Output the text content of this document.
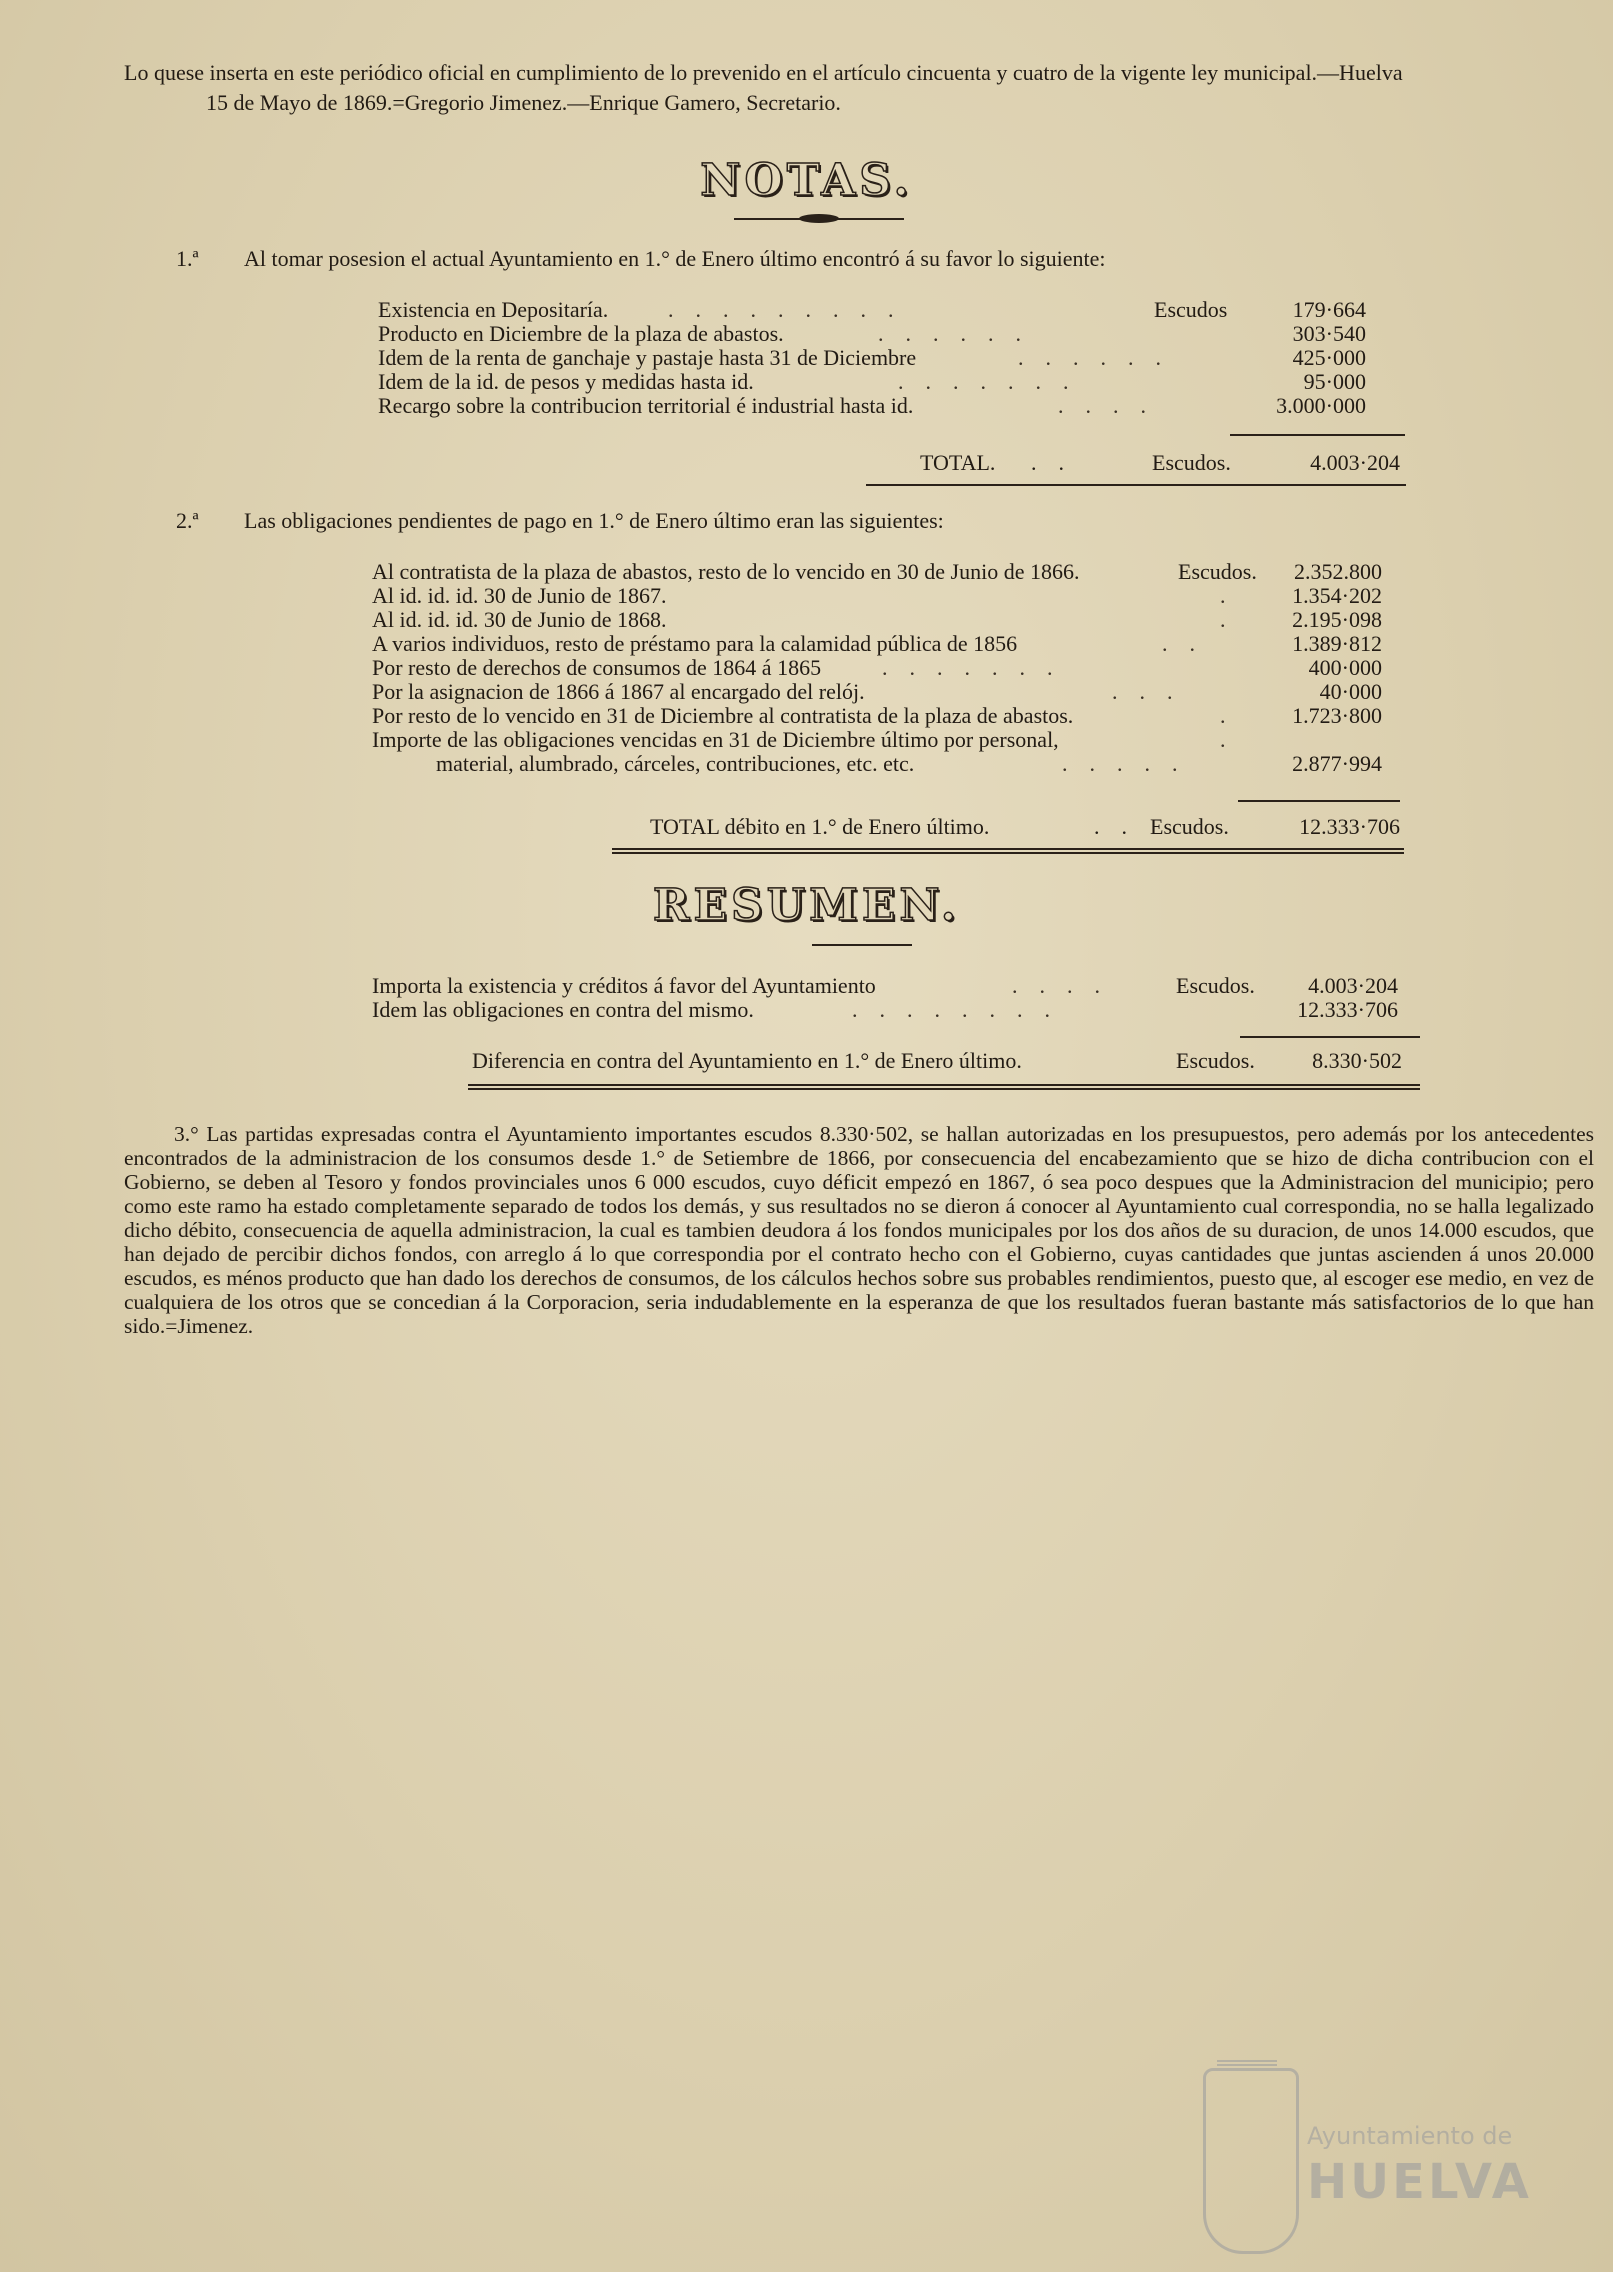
Lo quese inserta en este periódico oficial en cumplimiento de lo prevenido en el artículo cincuenta y cuatro de la vigente ley municipal.—Huelva
15 de Mayo de 1869.=Gregorio Jimenez.—Enrique Gamero, Secretario.
NOTAS.
1.ª Al tomar posesion el actual Ayuntamiento en 1.° de Enero último encontró á su favor lo siguiente:
Existencia en Depositaría.	.........	Escudos	179·664
Producto en Diciembre de la plaza de abastos.	......	303·540
Idem de la renta de ganchaje y pastaje hasta 31 de Diciembre	......	425·000
Idem de la id. de pesos y medidas hasta id.	.......	95·000
Recargo sobre la contribucion territorial é industrial hasta id.	....	3.000·000
TOTAL. ..	Escudos.	4.003·204
2.ª Las obligaciones pendientes de pago en 1.° de Enero último eran las siguientes:
Al contratista de la plaza de abastos, resto de lo vencido en 30 de Junio de 1866.	Escudos.	2.352.800
Al id. id. id. 30 de Junio de 1867.	.	1.354·202
Al id. id. id. 30 de Junio de 1868.	.	2.195·098
A varios individuos, resto de préstamo para la calamidad pública de 1856	..	1.389·812
Por resto de derechos de consumos de 1864 á 1865	.......	400·000
Por la asignacion de 1866 á 1867 al encargado del relój.	...	40·000
Por resto de lo vencido en 31 de Diciembre al contratista de la plaza de abastos.	.	1.723·800
Importe de las obligaciones vencidas en 31 de Diciembre último por personal,	.
material, alumbrado, cárceles, contribuciones, etc. etc.	.....	2.877·994
TOTAL débito en 1.° de Enero último.	.. Escudos.	12.333·706
RESUMEN.
Importa la existencia y créditos á favor del Ayuntamiento	.... Escudos.	4.003·204
Idem las obligaciones en contra del mismo.	........	12.333·706
Diferencia en contra del Ayuntamiento en 1.° de Enero último.	Escudos.	8.330·502
3.° Las partidas expresadas contra el Ayuntamiento importantes escudos 8.330·502, se hallan autorizadas en los presupuestos, pero además por los antecedentes encontrados de la administracion de los consumos desde 1.° de Setiembre de 1866, por consecuencia del encabezamiento que se hizo de dicha contribucion con el Gobierno, se deben al Tesoro y fondos provinciales unos 6 000 escudos, cuyo déficit empezó en 1867, ó sea poco despues que la Administracion del municipio; pero como este ramo ha estado completamente separado de todos los demás, y sus resultados no se dieron á conocer al Ayuntamiento cual correspondia, no se halla legalizado dicho débito, consecuencia de aquella administracion, la cual es tambien deudora á los fondos municipales por los dos años de su duracion, de unos 14.000 escudos, que han dejado de percibir dichos fondos, con arreglo á lo que correspondia por el contrato hecho con el Gobierno, cuyas cantidades que juntas ascienden á unos 20.000 escudos, es ménos producto que han dado los derechos de consumos, de los cálculos hechos sobre sus probables rendimientos, puesto que, al escoger ese medio, en vez de cualquiera de los otros que se concedian á la Corporacion, seria indudablemente en la esperanza de que los resultados fueran bastante más satisfactorios de lo que han sido.=Jimenez.
Ayuntamiento de
HUELVA
